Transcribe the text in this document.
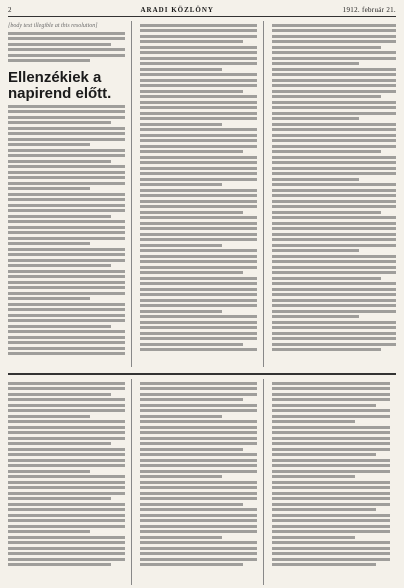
2	ARADI KÖZLÖNY	1912. február 21.
[body text illegible at this resolution]
Ellenzékiek a napirend előtt.
